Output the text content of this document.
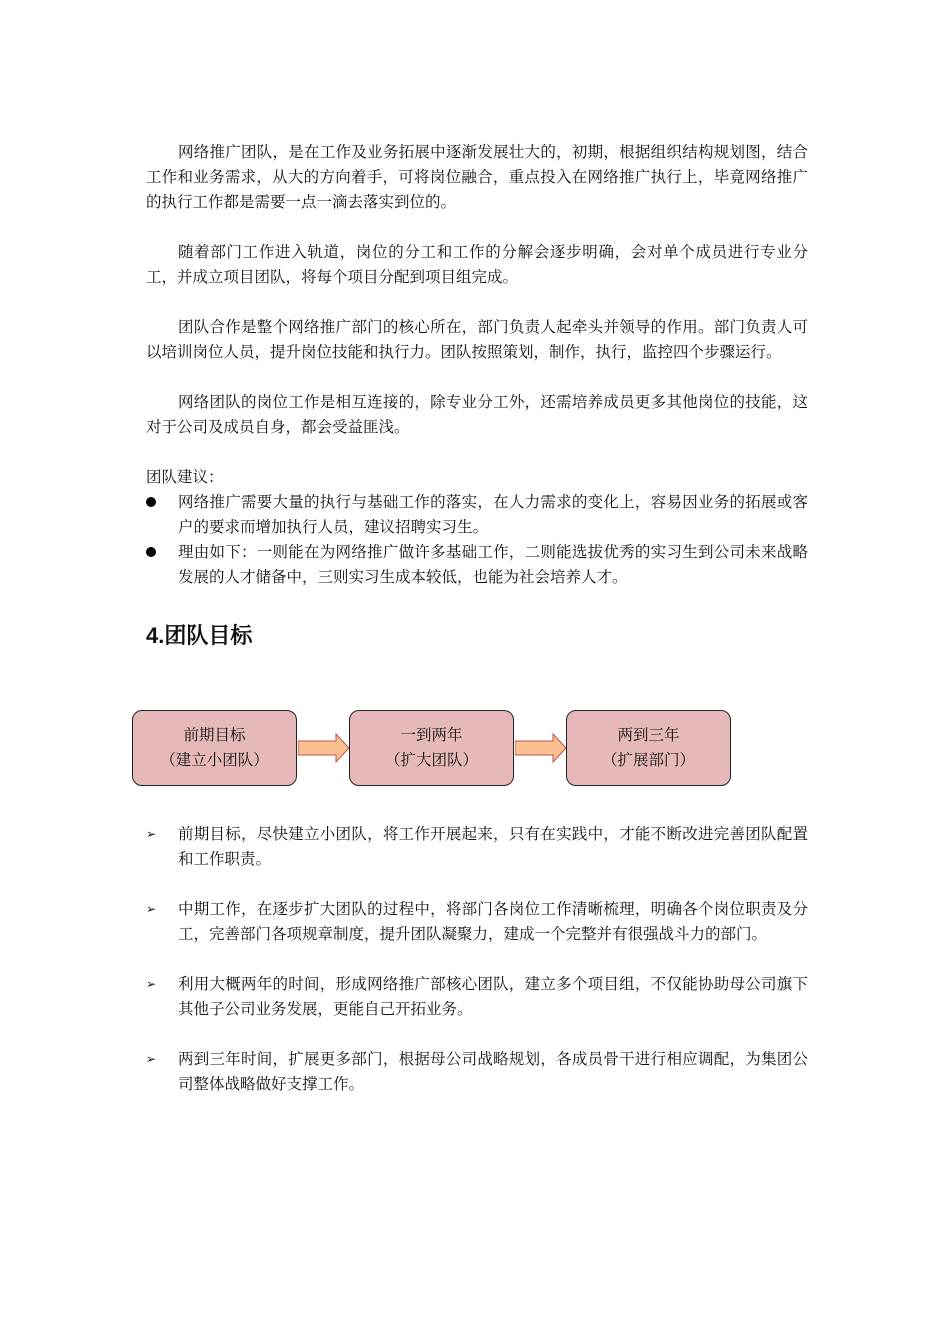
网络推广团队，是在工作及业务拓展中逐渐发展壮大的，初期，根据组织结构规划图，结合工作和业务需求，从大的方向着手，可将岗位融合，重点投入在网络推广执行上，毕竟网络推广的执行工作都是需要一点一滴去落实到位的。

随着部门工作进入轨道，岗位的分工和工作的分解会逐步明确，会对单个成员进行专业分工，并成立项目团队，将每个项目分配到项目组完成。

团队合作是整个网络推广部门的核心所在，部门负责人起牵头并领导的作用。部门负责人可以培训岗位人员，提升岗位技能和执行力。团队按照策划，制作，执行，监控四个步骤运行。

网络团队的岗位工作是相互连接的，除专业分工外，还需培养成员更多其他岗位的技能，这对于公司及成员自身，都会受益匪浅。

团队建议：

网络推广需要大量的执行与基础工作的落实，在人力需求的变化上，容易因业务的拓展或客户的要求而增加执行人员，建议招聘实习生。
理由如下：一则能在为网络推广做许多基础工作，二则能选拔优秀的实习生到公司未来战略发展的人才储备中，三则实习生成本较低，也能为社会培养人才。
4.团队目标
前期目标
（建立小团队）
一到两年
（扩大团队）
两到三年
（扩展部门）
➢ 前期目标，尽快建立小团队，将工作开展起来，只有在实践中，才能不断改进完善团队配置和工作职责。
➢ 中期工作，在逐步扩大团队的过程中，将部门各岗位工作清晰梳理，明确各个岗位职责及分工，完善部门各项规章制度，提升团队凝聚力，建成一个完整并有很强战斗力的部门。
➢ 利用大概两年的时间，形成网络推广部核心团队，建立多个项目组，不仅能协助母公司旗下其他子公司业务发展，更能自己开拓业务。
➢ 两到三年时间，扩展更多部门，根据母公司战略规划，各成员骨干进行相应调配，为集团公司整体战略做好支撑工作。
